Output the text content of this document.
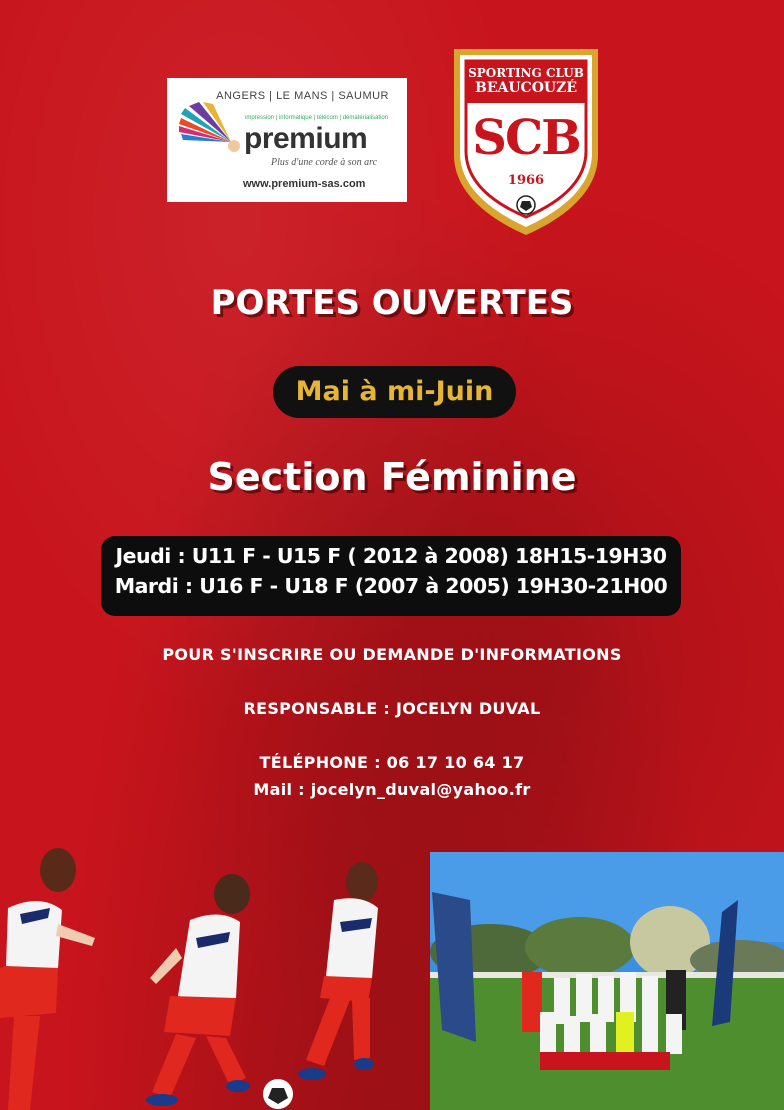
ANGERS | LE MANS | SAUMUR
impression | informatique | télécom | dématérialisation
premium
Plus d'une corde à son arc
www.premium-sas.com
SPORTING CLUB
BEAUCOUZÉ
SCB
1966
PORTES OUVERTES
Mai à mi-Juin
Section Féminine
Jeudi : U11 F - U15 F ( 2012 à 2008) 18H15-19H30
Mardi : U16 F - U18 F (2007 à 2005) 19H30-21H00
POUR S'INSCRIRE OU DEMANDE D'INFORMATIONS
RESPONSABLE : JOCELYN DUVAL
TÉLÉPHONE : 06 17 10 64 17
Mail : jocelyn_duval@yahoo.fr
